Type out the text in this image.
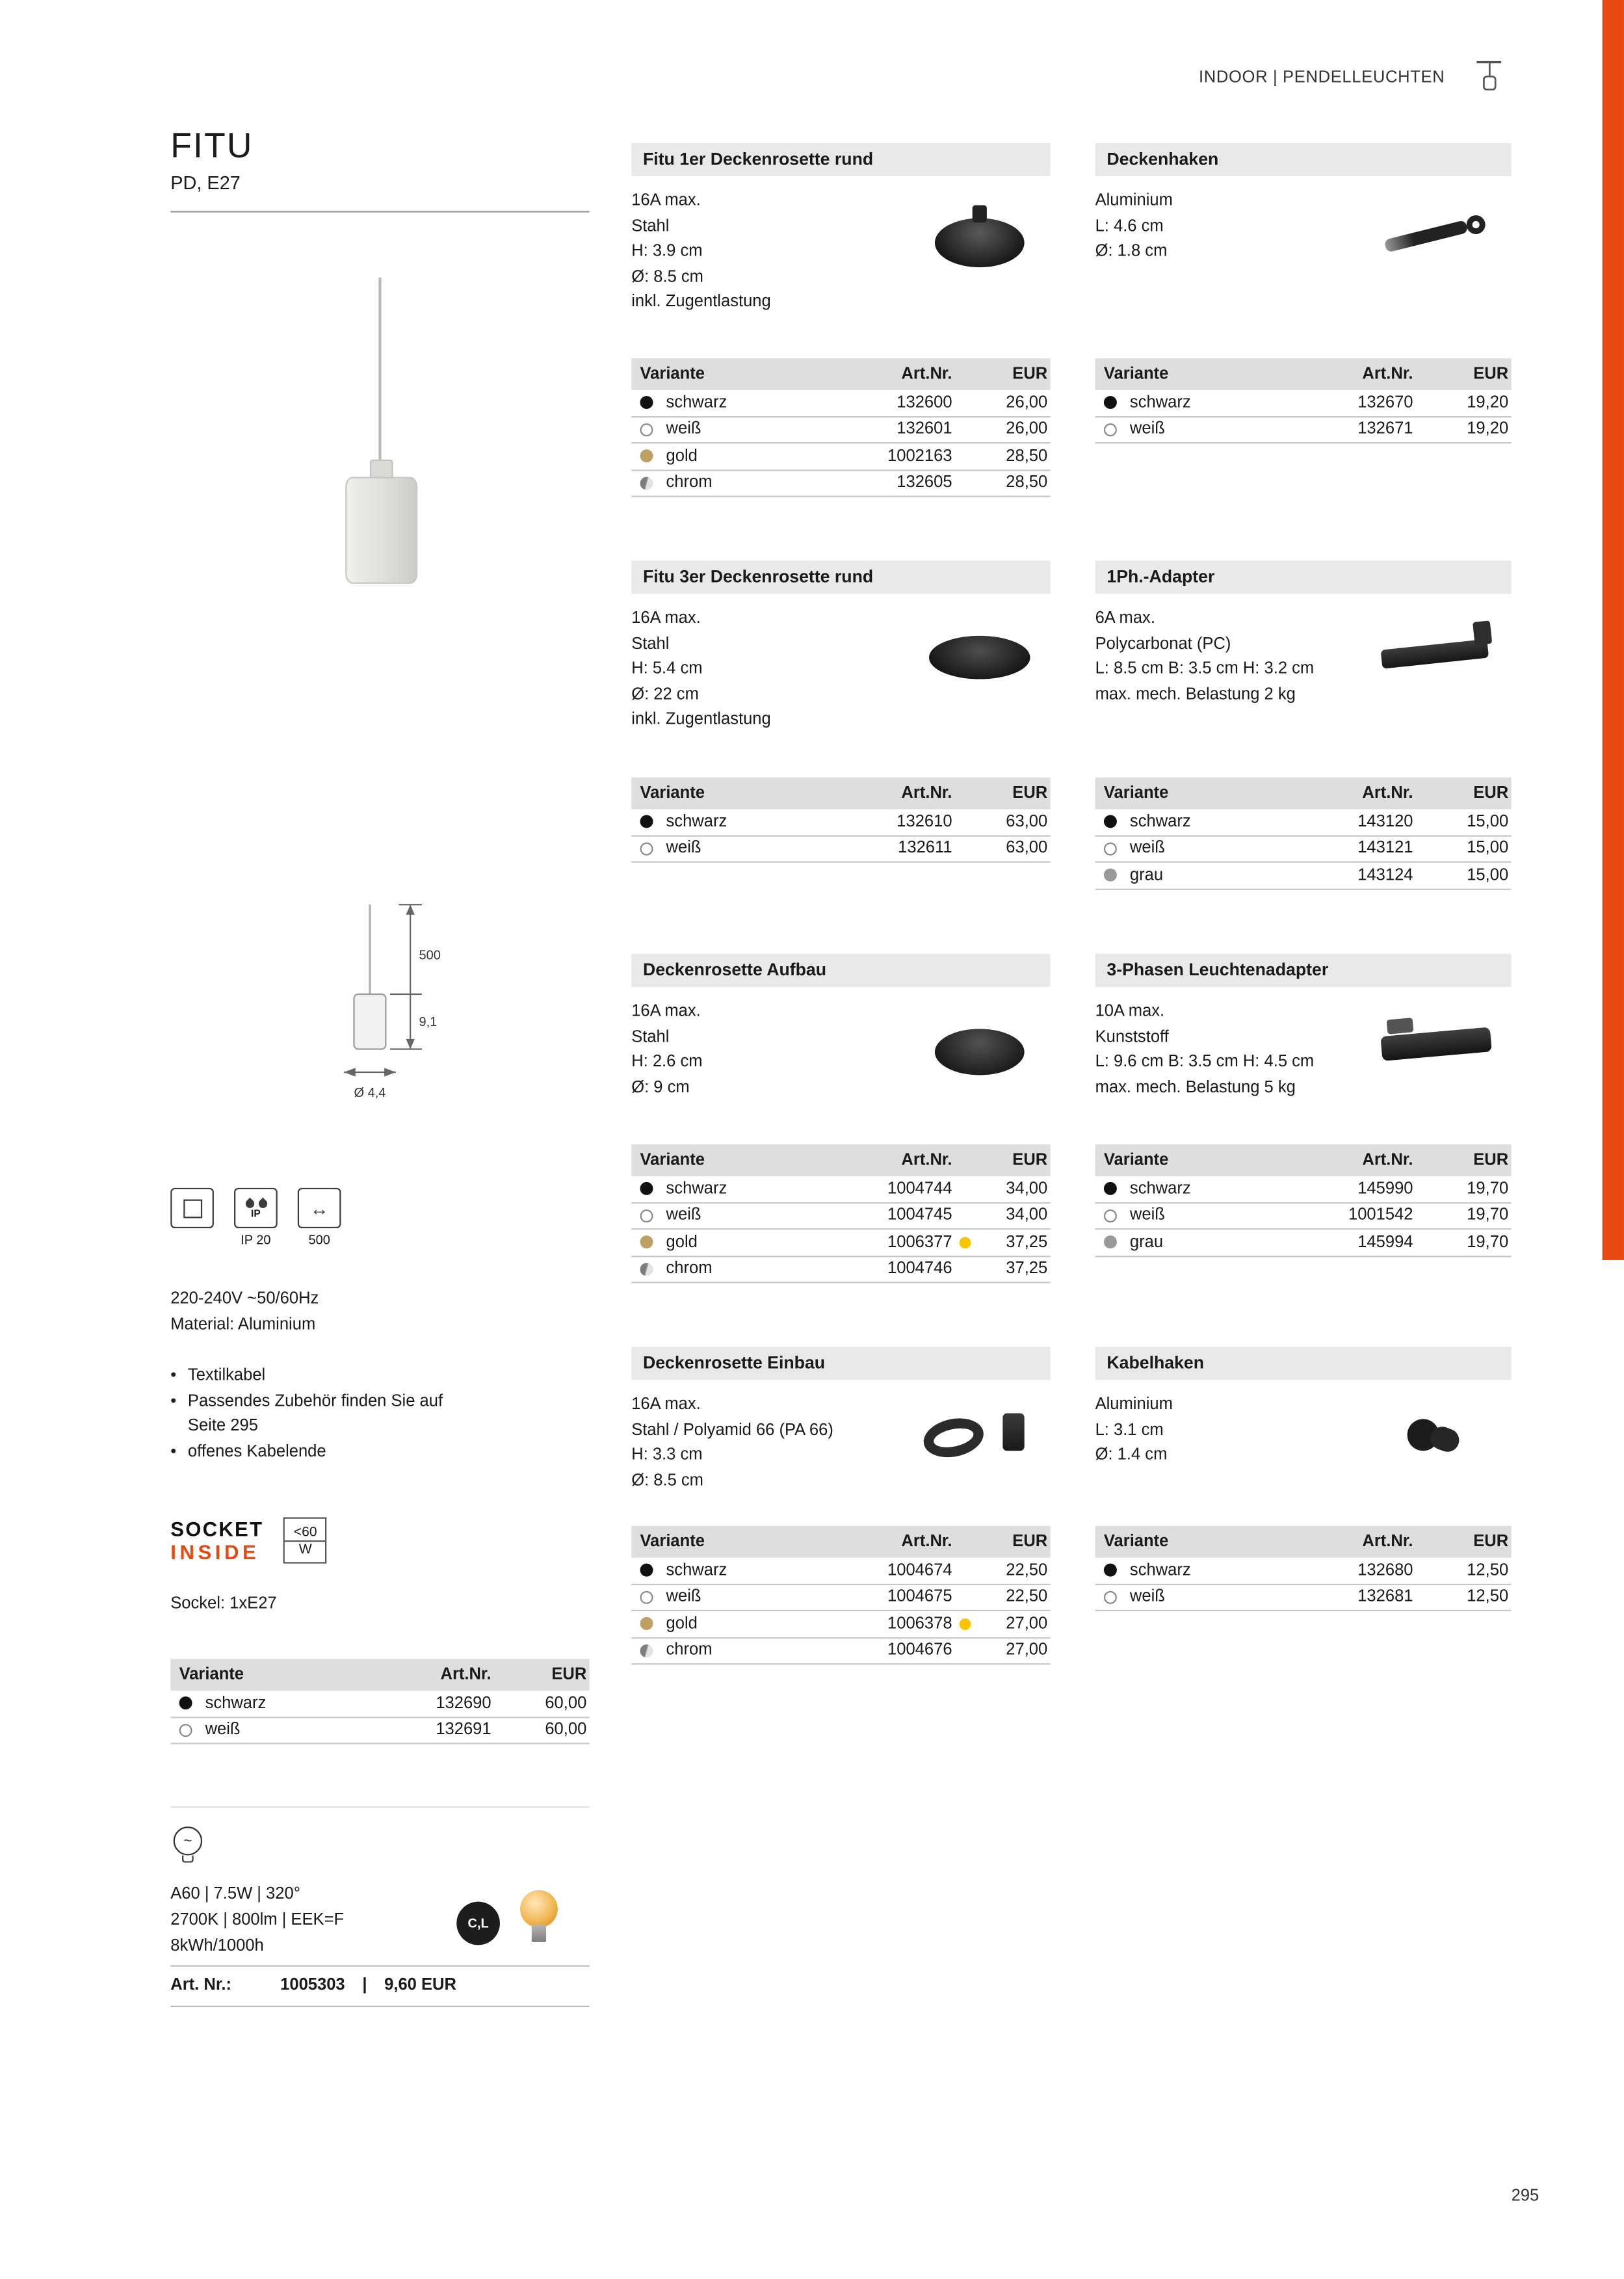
INDOOR | PENDELLEUCHTEN
295
FITU
PD, E27
500
9,1
Ø 4,4
IP
IP 20
↔
500
220-240V ~50/60Hz
Material: Aluminium
• Textilkabel
• Passendes Zubehör finden Sie auf Seite 295
• offenes Kabelende
SOCKET
INSIDE
<60
W
Sockel: 1xE27
Variante	Art.Nr.	EUR
schwarz	132690	60,00
weiß	132691	60,00
~
A60 | 7.5W | 320°
2700K | 800lm | EEK=F
8kWh/1000h
C,L
Art. Nr.:	1005303 | 9,60 EUR
Fitu 1er Deckenrosette rund
16A max.
Stahl
H: 3.9 cm
Ø: 8.5 cm
inkl. Zugentlastung
Variante	Art.Nr.	EUR
schwarz	132600	26,00
weiß	132601	26,00
gold	1002163	28,50
chrom	132605	28,50
Fitu 3er Deckenrosette rund
16A max.
Stahl
H: 5.4 cm
Ø: 22 cm
inkl. Zugentlastung
Variante	Art.Nr.	EUR
schwarz	132610	63,00
weiß	132611	63,00
Deckenrosette Aufbau
16A max.
Stahl
H: 2.6 cm
Ø: 9 cm
Variante	Art.Nr.	EUR
schwarz	1004744	34,00
weiß	1004745	34,00
gold	1006377	37,25
chrom	1004746	37,25
Deckenrosette Einbau
16A max.
Stahl / Polyamid 66 (PA 66)
H: 3.3 cm
Ø: 8.5 cm
Variante	Art.Nr.	EUR
schwarz	1004674	22,50
weiß	1004675	22,50
gold	1006378	27,00
chrom	1004676	27,00
Deckenhaken
Aluminium
L: 4.6 cm
Ø: 1.8 cm
Variante	Art.Nr.	EUR
schwarz	132670	19,20
weiß	132671	19,20
1Ph.-Adapter
6A max.
Polycarbonat (PC)
L: 8.5 cm B: 3.5 cm H: 3.2 cm
max. mech. Belastung 2 kg
Variante	Art.Nr.	EUR
schwarz	143120	15,00
weiß	143121	15,00
grau	143124	15,00
3-Phasen Leuchtenadapter
10A max.
Kunststoff
L: 9.6 cm B: 3.5 cm H: 4.5 cm
max. mech. Belastung 5 kg
Variante	Art.Nr.	EUR
schwarz	145990	19,70
weiß	1001542	19,70
grau	145994	19,70
Kabelhaken
Aluminium
L: 3.1 cm
Ø: 1.4 cm
Variante	Art.Nr.	EUR
schwarz	132680	12,50
weiß	132681	12,50
